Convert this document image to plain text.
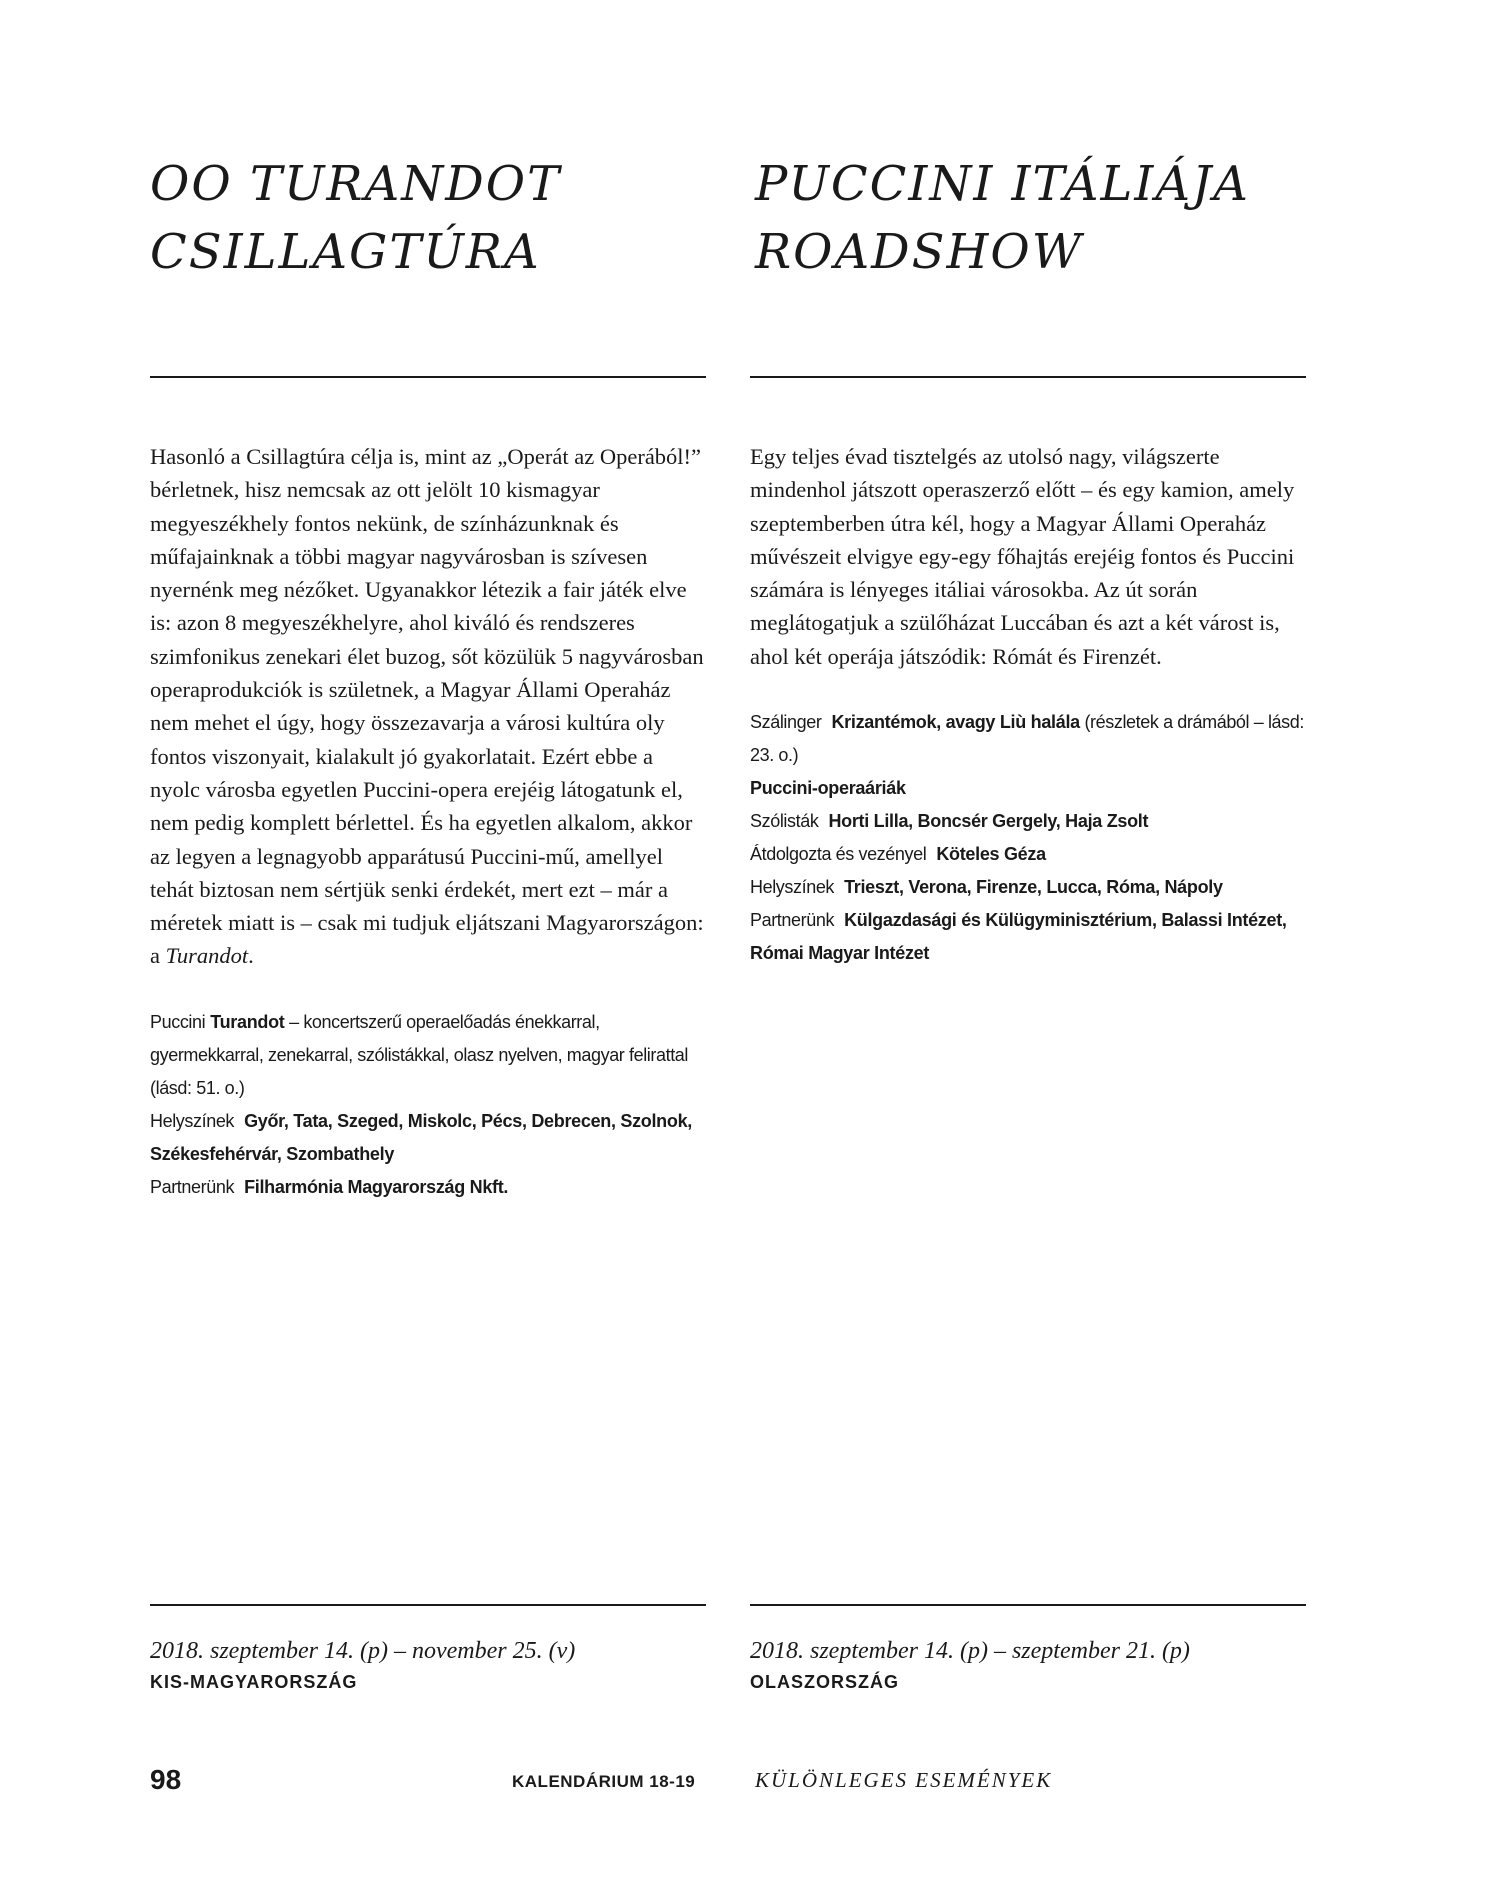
OO TURANDOT
CSILLAGTÚRA

Hasonló a Csillagtúra célja is, mint az „Operát az Operából!” bérletnek, hisz nemcsak az ott jelölt 10 kismagyar megyeszékhely fontos nekünk, de színházunknak és műfajainknak a többi magyar nagyvárosban is szívesen nyernénk meg nézőket. Ugyanakkor létezik a fair játék elve is: azon 8 megyeszékhelyre, ahol kiváló és rendszeres szimfonikus zenekari élet buzog, sőt közülük 5 nagyvárosban operaprodukciók is születnek, a Magyar Állami Operaház nem mehet el úgy, hogy összezavarja a városi kultúra oly fontos viszonyait, kialakult jó gyakorlatait. Ezért ebbe a nyolc városba egyetlen Puccini-opera erejéig látogatunk el, nem pedig komplett bérlettel. És ha egyetlen alkalom, akkor az legyen a legnagyobb apparátusú Puccini-mű, amellyel tehát biztosan nem sértjük senki érdekét, mert ezt – már a méretek miatt is – csak mi tudjuk eljátszani Magyarországon: a Turandot.

Puccini Turandot – koncertszerű operaelőadás énekkarral, gyermekkarral, zenekarral, szólistákkal, olasz nyelven, magyar felirattal (lásd: 51. o.)

Helyszínek Győr, Tata, Szeged, Miskolc, Pécs, Debrecen, Szolnok, Székesfehérvár, Szombathely

Partnerünk Filharmónia Magyarország Nkft.

2018. szeptember 14. (p) – november 25. (v)

KIS-MAGYARORSZÁG

PUCCINI ITÁLIÁJA
ROADSHOW

Egy teljes évad tisztelgés az utolsó nagy, világszerte mindenhol játszott operaszerző előtt – és egy kamion, amely szeptemberben útra kél, hogy a Magyar Állami Operaház művészeit elvigye egy-egy főhajtás erejéig fontos és Puccini számára is lényeges itáliai városokba. Az út során meglátogatjuk a szülőházat Luccában és azt a két várost is, ahol két operája játszódik: Rómát és Firenzét.

Szálinger Krizantémok, avagy Liù halála (részletek a drámából – lásd: 23. o.)

Puccini-operaáriák

Szólisták Horti Lilla, Boncsér Gergely, Haja Zsolt

Átdolgozta és vezényel Köteles Géza

Helyszínek Trieszt, Verona, Firenze, Lucca, Róma, Nápoly

Partnerünk Külgazdasági és Külügyminisztérium, Balassi Intézet, Római Magyar Intézet

2018. szeptember 14. (p) – szeptember 21. (p)

OLASZORSZÁG

98	KALENDÁRIUM 18-19	KÜLÖNLEGES ESEMÉNYEK
